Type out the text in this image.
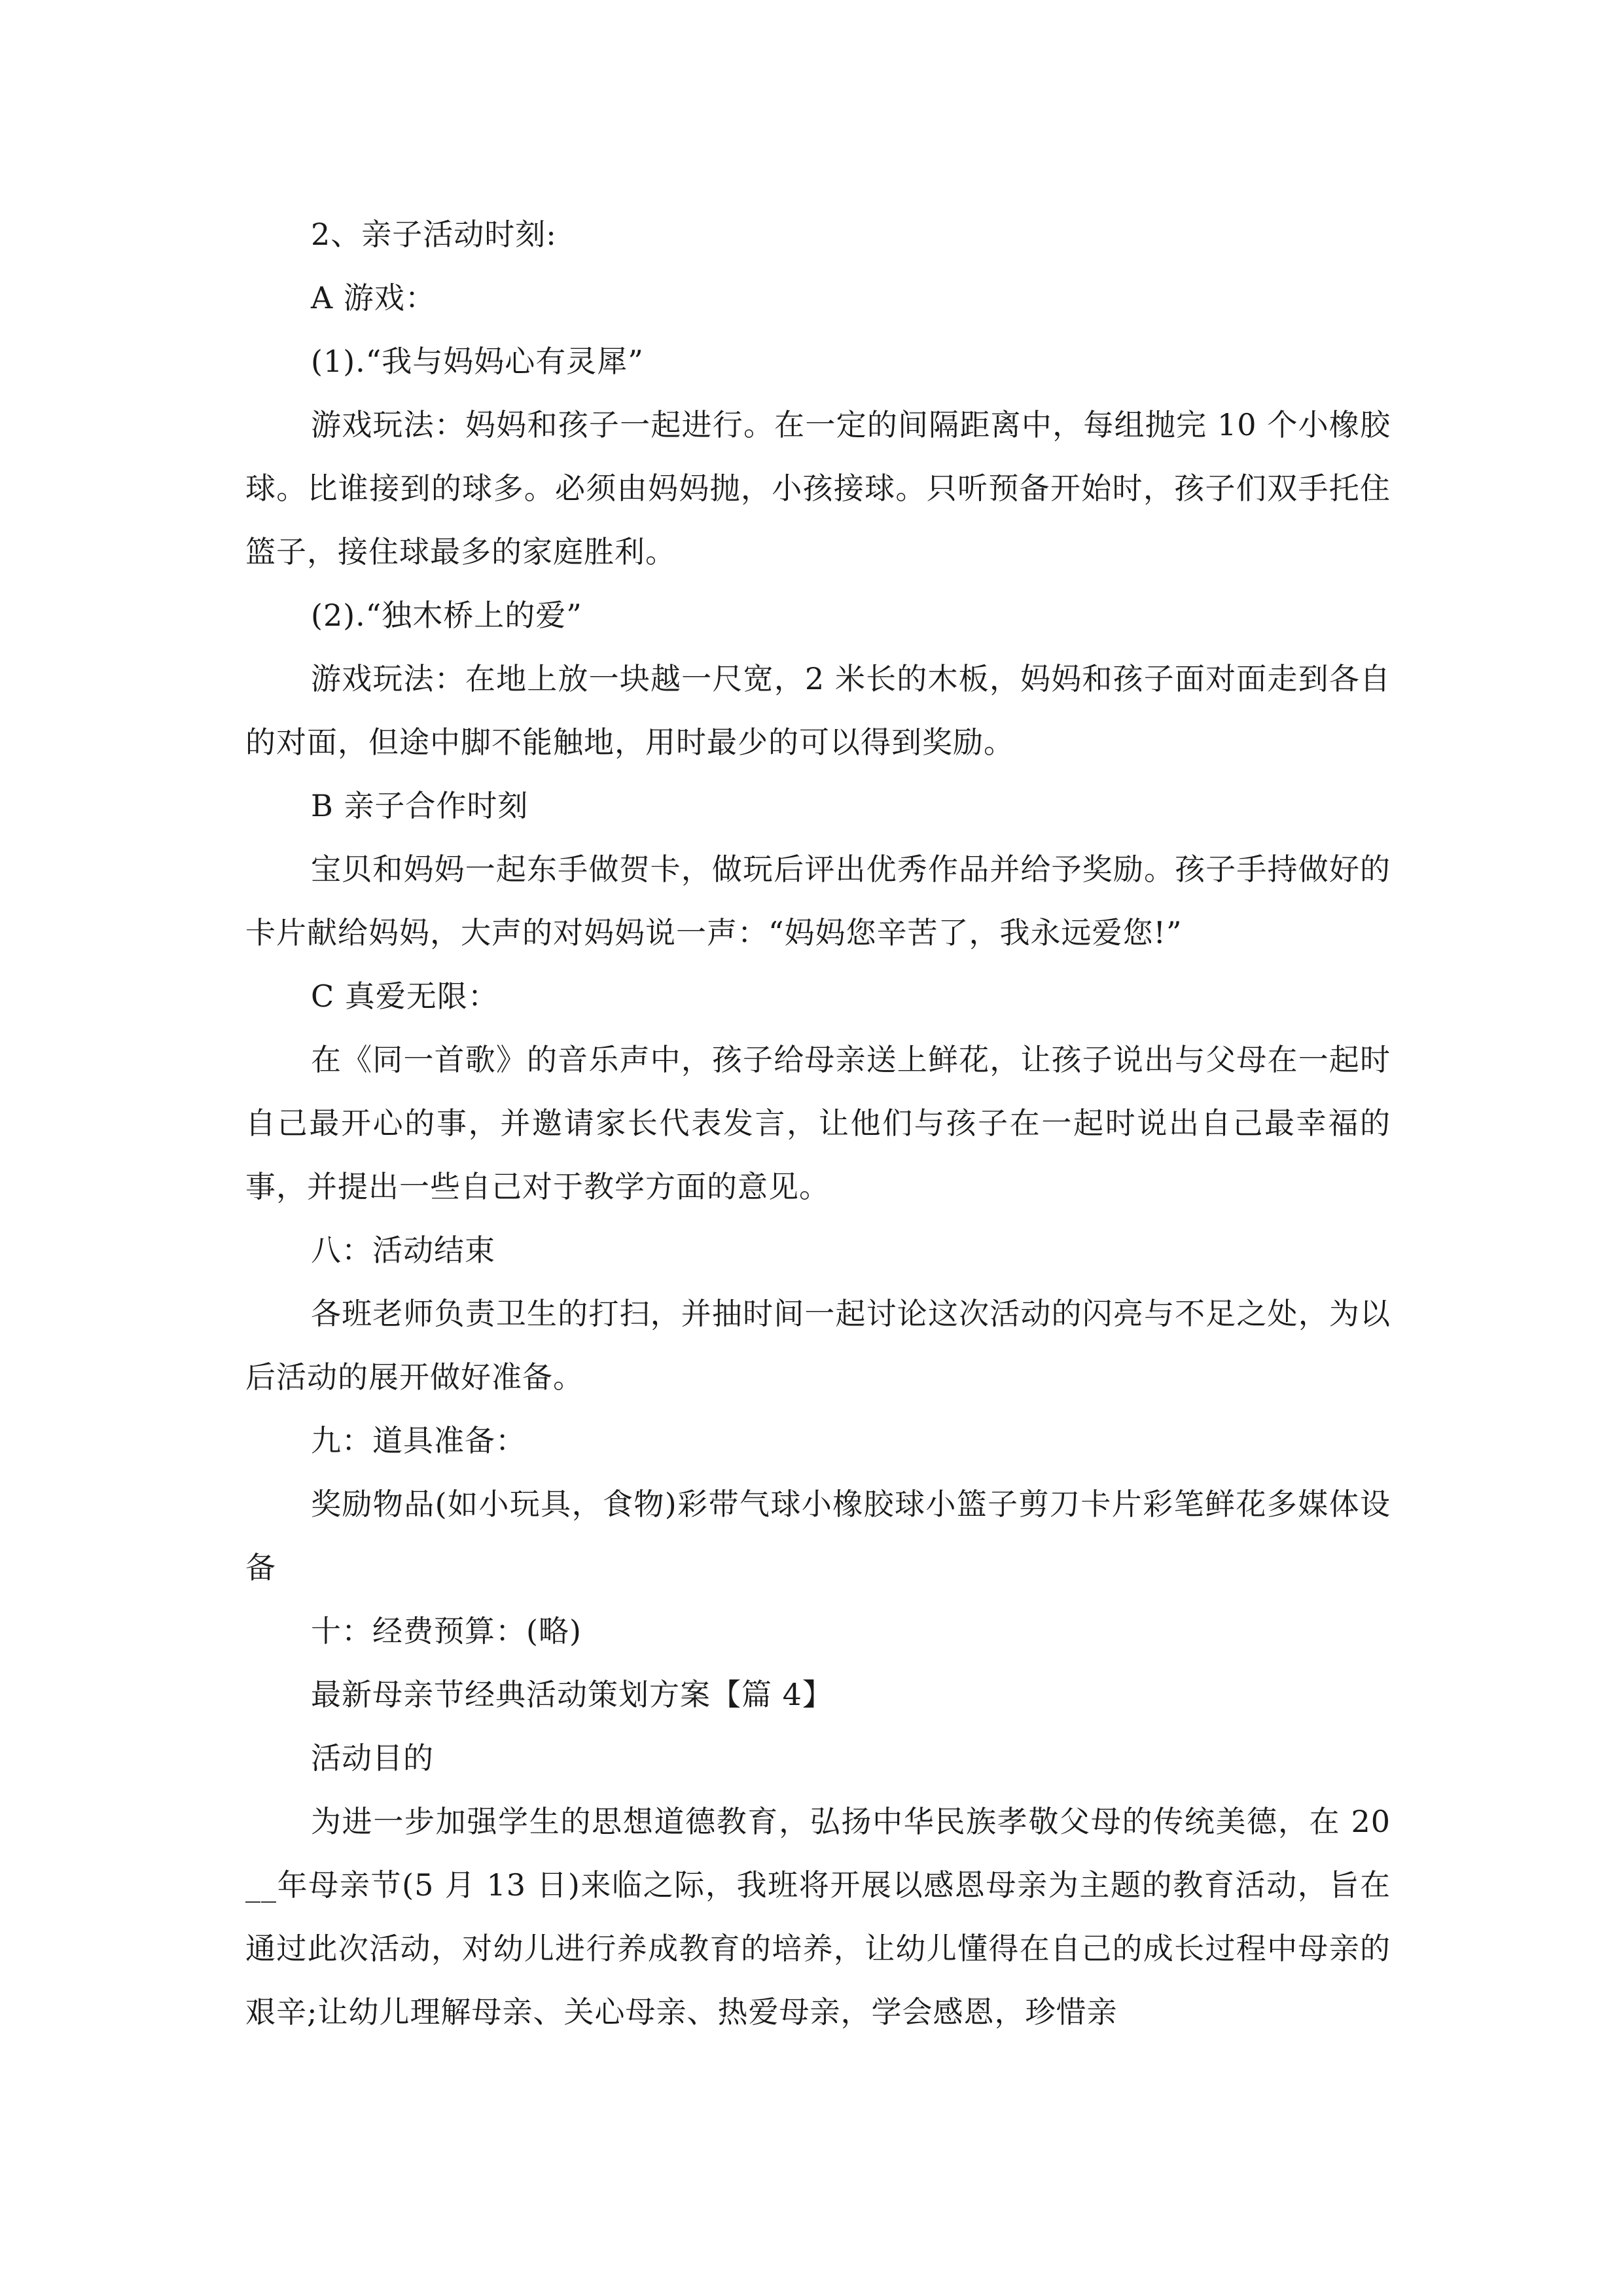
2、亲子活动时刻:

A 游戏：

(1).“我与妈妈心有灵犀”

游戏玩法：妈妈和孩子一起进行。在一定的间隔距离中，每组抛完 10 个小橡胶球。比谁接到的球多。必须由妈妈抛，小孩接球。只听预备开始时，孩子们双手托住篮子，接住球最多的家庭胜利。

(2).“独木桥上的爱”

游戏玩法：在地上放一块越一尺宽，2 米长的木板，妈妈和孩子面对面走到各自的对面，但途中脚不能触地，用时最少的可以得到奖励。

B 亲子合作时刻

宝贝和妈妈一起东手做贺卡，做玩后评出优秀作品并给予奖励。孩子手持做好的卡片献给妈妈，大声的对妈妈说一声：“妈妈您辛苦了，我永远爱您!”

C 真爱无限：

在《同一首歌》的音乐声中，孩子给母亲送上鲜花，让孩子说出与父母在一起时自己最开心的事，并邀请家长代表发言，让他们与孩子在一起时说出自己最幸福的事，并提出一些自己对于教学方面的意见。

八：活动结束

各班老师负责卫生的打扫，并抽时间一起讨论这次活动的闪亮与不足之处，为以后活动的展开做好准备。

九：道具准备：

奖励物品(如小玩具，食物)彩带气球小橡胶球小篮子剪刀卡片彩笔鲜花多媒体设备

十：经费预算：(略)

最新母亲节经典活动策划方案【篇 4】

活动目的

为进一步加强学生的思想道德教育，弘扬中华民族孝敬父母的传统美德，在 20__年母亲节(5 月 13 日)来临之际，我班将开展以感恩母亲为主题的教育活动，旨在通过此次活动，对幼儿进行养成教育的培养，让幼儿懂得在自己的成长过程中母亲的艰辛;让幼儿理解母亲、关心母亲、热爱母亲，学会感恩，珍惜亲
